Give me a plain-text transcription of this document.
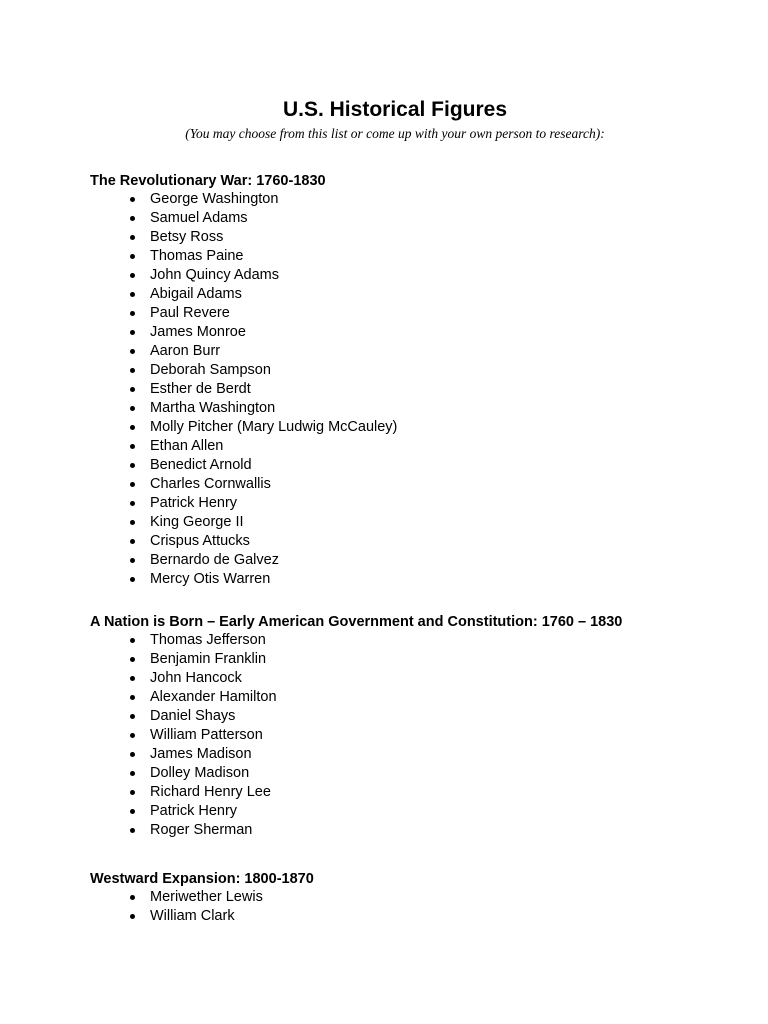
U.S. Historical Figures
(You may choose from this list or come up with your own person to research):
The Revolutionary War: 1760-1830
George Washington
Samuel Adams
Betsy Ross
Thomas Paine
John Quincy Adams
Abigail Adams
Paul Revere
James Monroe
Aaron Burr
Deborah Sampson
Esther de Berdt
Martha Washington
Molly Pitcher (Mary Ludwig McCauley)
Ethan Allen
Benedict Arnold
Charles Cornwallis
Patrick Henry
King George II
Crispus Attucks
Bernardo de Galvez
Mercy Otis Warren
A Nation is Born – Early American Government and Constitution: 1760 – 1830
Thomas Jefferson
Benjamin Franklin
John Hancock
Alexander Hamilton
Daniel Shays
William Patterson
James Madison
Dolley Madison
Richard Henry Lee
Patrick Henry
Roger Sherman
Westward Expansion: 1800-1870
Meriwether Lewis
William Clark
